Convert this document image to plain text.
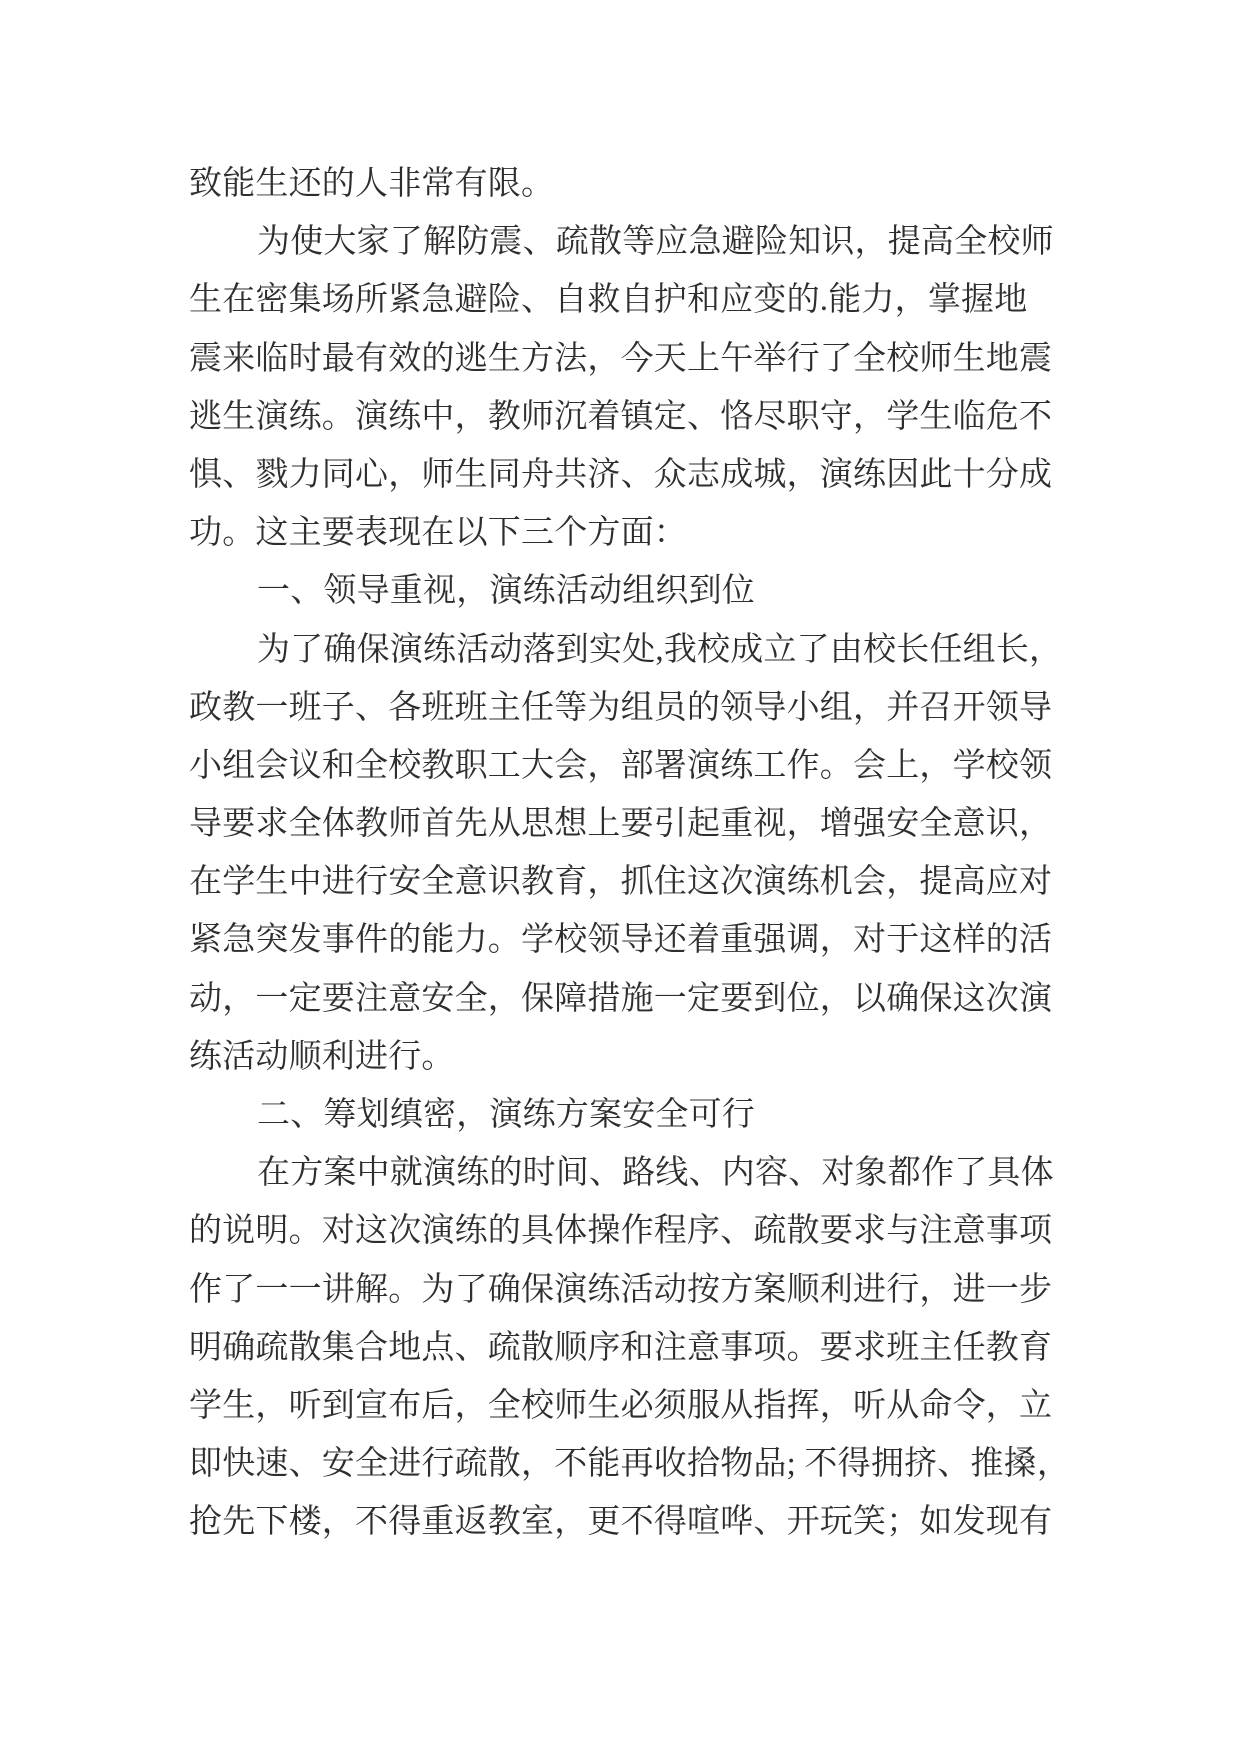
致能生还的人非常有限。
为使大家了解防震、疏散等应急避险知识，提高全校师
生在密集场所紧急避险、自救自护和应变的.能力，掌握地
震来临时最有效的逃生方法，今天上午举行了全校师生地震
逃生演练。演练中，教师沉着镇定、恪尽职守，学生临危不
惧、戮力同心，师生同舟共济、众志成城，演练因此十分成
功。这主要表现在以下三个方面：
一、领导重视，演练活动组织到位
为了确保演练活动落到实处,我校成立了由校长任组长，
政教一班子、各班班主任等为组员的领导小组，并召开领导
小组会议和全校教职工大会，部署演练工作。会上，学校领
导要求全体教师首先从思想上要引起重视，增强安全意识，
在学生中进行安全意识教育，抓住这次演练机会，提高应对
紧急突发事件的能力。学校领导还着重强调，对于这样的活
动，一定要注意安全，保障措施一定要到位，以确保这次演
练活动顺利进行。
二、筹划缜密，演练方案安全可行
在方案中就演练的时间、路线、内容、对象都作了具体
的说明。对这次演练的具体操作程序、疏散要求与注意事项
作了一一讲解。为了确保演练活动按方案顺利进行，进一步
明确疏散集合地点、疏散顺序和注意事项。要求班主任教育
学生，听到宣布后，全校师生必须服从指挥，听从命令，立
即快速、安全进行疏散，不能再收拾物品; 不得拥挤、推搡，
抢先下楼，不得重返教室，更不得喧哗、开玩笑；如发现有
